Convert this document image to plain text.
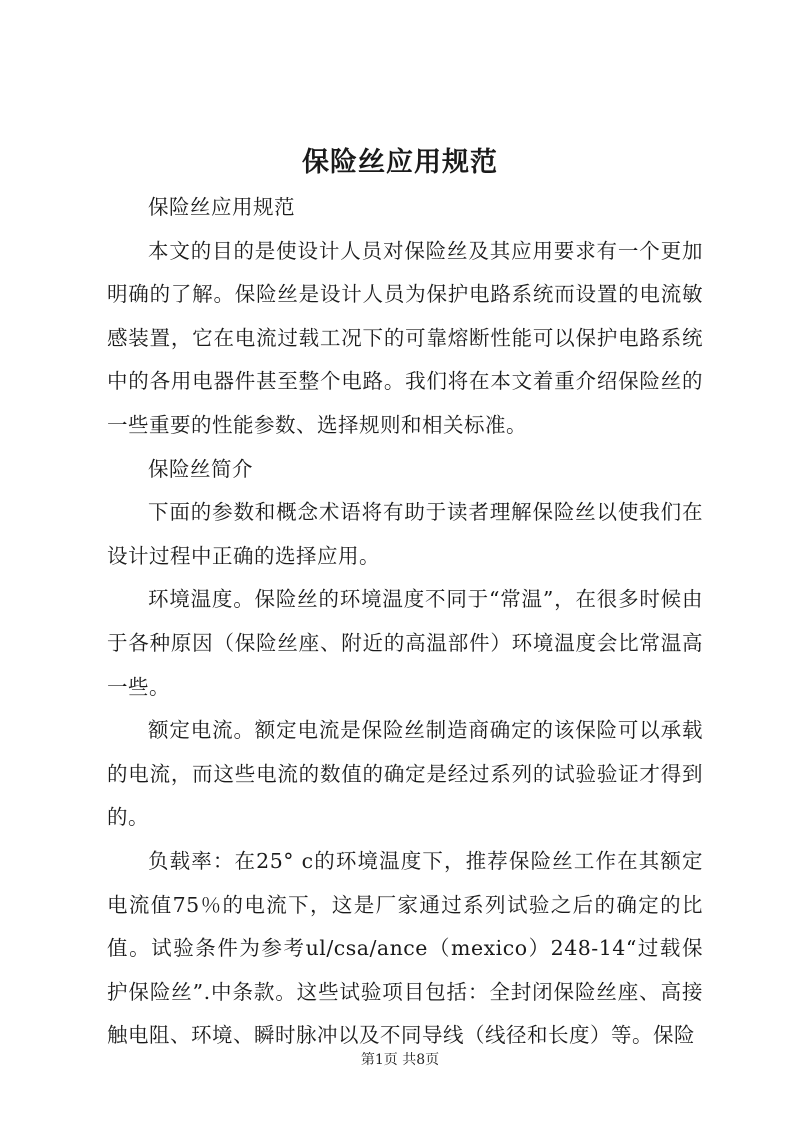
保险丝应用规范

保险丝应用规范

本文的目的是使设计人员对保险丝及其应用要求有一个更加明确的了解。保险丝是设计人员为保护电路系统而设置的电流敏感装置，它在电流过载工况下的可靠熔断性能可以保护电路系统中的各用电器件甚至整个电路。我们将在本文着重介绍保险丝的一些重要的性能参数、选择规则和相关标准。

保险丝简介

下面的参数和概念术语将有助于读者理解保险丝以使我们在设计过程中正确的选择应用。

环境温度。保险丝的环境温度不同于“常温”，在很多时候由于各种原因（保险丝座、附近的高温部件）环境温度会比常温高一些。

额定电流。额定电流是保险丝制造商确定的该保险可以承载的电流，而这些电流的数值的确定是经过系列的试验验证才得到的。

负载率：在25° c的环境温度下，推荐保险丝工作在其额定电流值75％的电流下，这是厂家通过系列试验之后的确定的比值。试验条件为参考ul/csa/ance（mexico）248-14“过载保护保险丝”.中条款。这些试验项目包括：全封闭保险丝座、高接触电阻、环境、瞬时脉冲以及不同导线（线径和长度）等。保险

第1页 共8页
